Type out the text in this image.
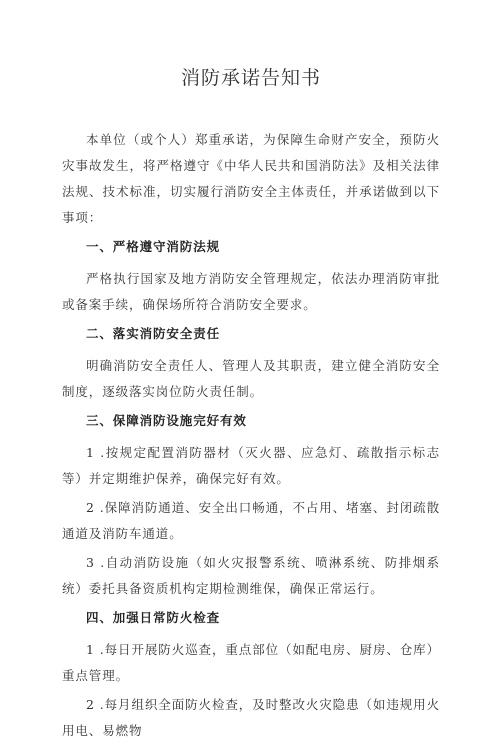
消防承诺告知书

本单位（或个人）郑重承诺，为保障生命财产安全，预防火灾事故发生，将严格遵守《中华人民共和国消防法》及相关法律法规、技术标准，切实履行消防安全主体责任，并承诺做到以下事项：

一、严格遵守消防法规

严格执行国家及地方消防安全管理规定，依法办理消防审批或备案手续，确保场所符合消防安全要求。

二、落实消防安全责任

明确消防安全责任人、管理人及其职责，建立健全消防安全制度，逐级落实岗位防火责任制。

三、保障消防设施完好有效

1 .按规定配置消防器材（灭火器、应急灯、疏散指示标志等）并定期维护保养，确保完好有效。

2 .保障消防通道、安全出口畅通，不占用、堵塞、封闭疏散通道及消防车通道。

3 .自动消防设施（如火灾报警系统、喷淋系统、防排烟系统）委托具备资质机构定期检测维保，确保正常运行。

四、加强日常防火检查

1 .每日开展防火巡查，重点部位（如配电房、厨房、仓库）重点管理。

2 .每月组织全面防火检查，及时整改火灾隐患（如违规用火用电、易燃物
